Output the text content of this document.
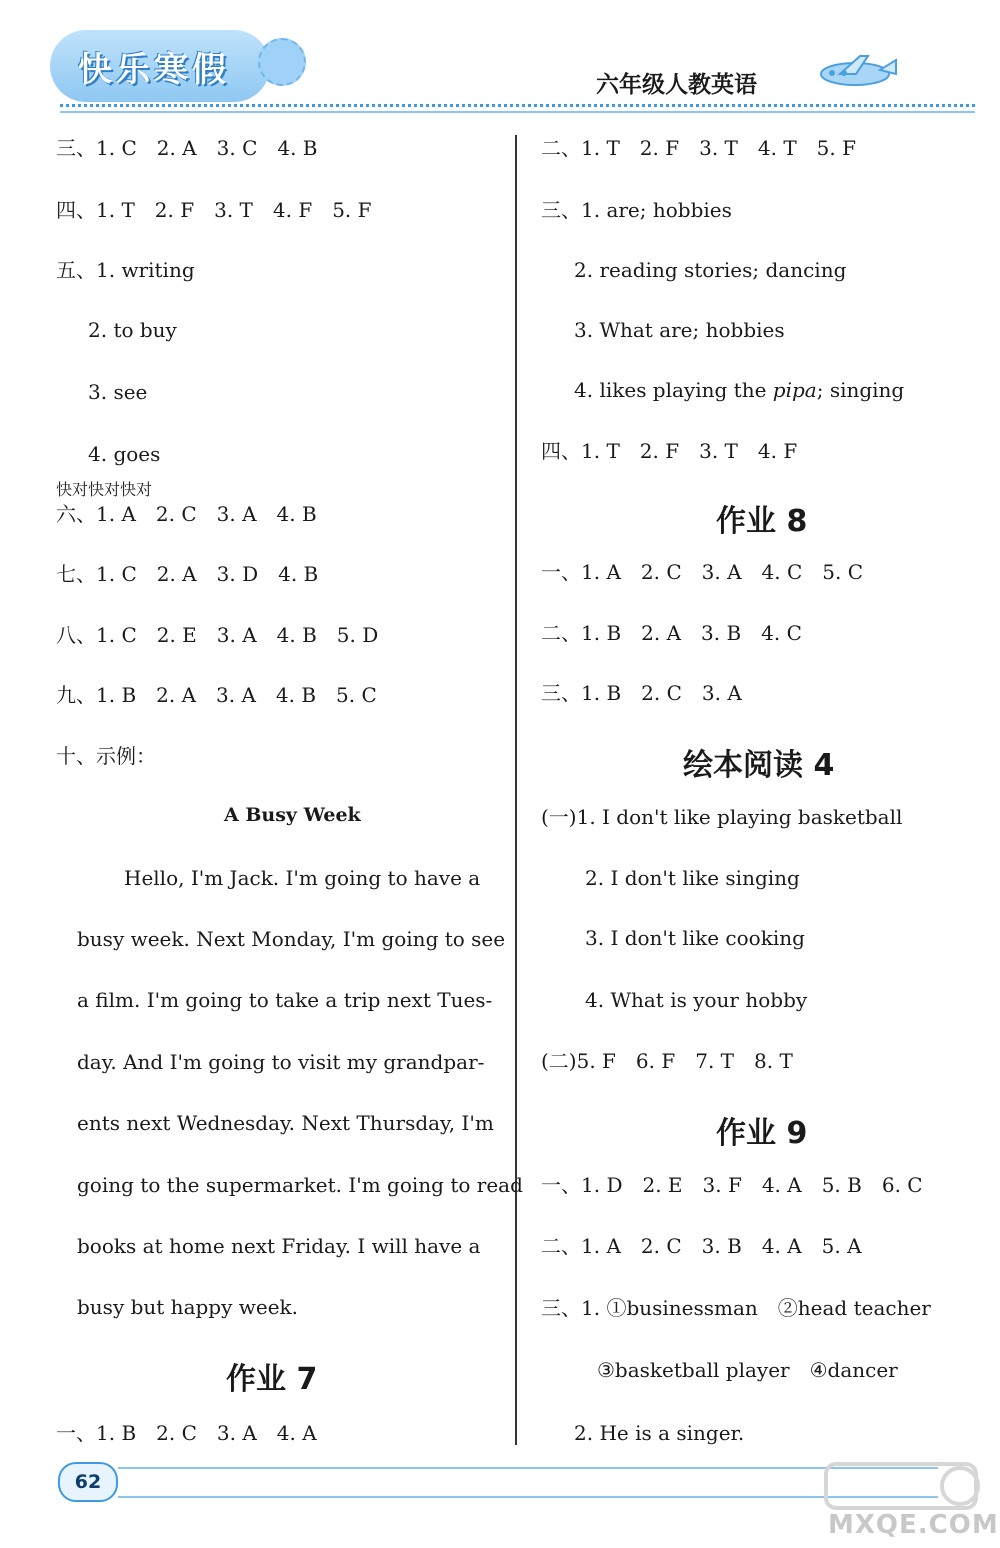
快乐寒假	六年级人教英语
三、1. C　2. A　3. C　4. B
四、1. T　2. F　3. T　4. F　5. F
五、1. writing
2. to buy
3. see
4. goes
快对快对快对
六、1. A　2. C　3. A　4. B
七、1. C　2. A　3. D　4. B
八、1. C　2. E　3. A　4. B　5. D
九、1. B　2. A　3. A　4. B　5. C
十、示例：
A Busy Week
Hello, I'm Jack. I'm going to have a
busy week. Next Monday, I'm going to see
a film. I'm going to take a trip next Tues-
day. And I'm going to visit my grandpar-
ents next Wednesday. Next Thursday, I'm
going to the supermarket. I'm going to read
books at home next Friday. I will have a
busy but happy week.
作业 7
一、1. B　2. C　3. A　4. A
二、1. T　2. F　3. T　4. T　5. F
三、1. are; hobbies
2. reading stories; dancing
3. What are; hobbies
4. likes playing the pipa; singing
四、1. T　2. F　3. T　4. F
作业 8
一、1. A　2. C　3. A　4. C　5. C
二、1. B　2. A　3. B　4. C
三、1. B　2. C　3. A
绘本阅读 4
(一)1. I don't like playing basketball
2. I don't like singing
3. I don't like cooking
4. What is your hobby
(二)5. F　6. F　7. T　8. T
作业 9
一、1. D　2. E　3. F　4. A　5. B　6. C
二、1. A　2. C　3. B　4. A　5. A
三、1. ①businessman　②head teacher
③basketball player　④dancer
2. He is a singer.
62
MXQE.COM
